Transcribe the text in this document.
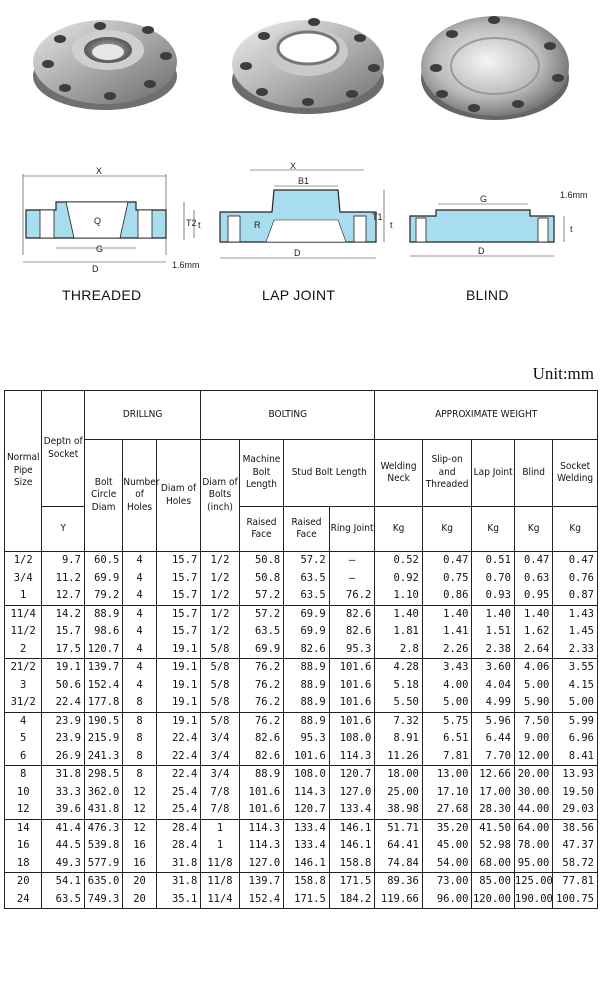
X
Q
G
D
T2 t
1.6mm
X
B1
R
D
T1
t
1.6mm
G
D
t
THREADED	LAP JOINT	BLIND
Unit:mm
Normal Pipe Size	Deptn of Socket	DRILLNG			BOLTING				APPROXIMATE WEIGHT				
		Bolt Circle Diam	Number of Holes	Diam of Holes	Diam of Bolts (inch)	Machine Bolt Length	Stud Bolt Length		Welding Neck	Slip-on and Threaded	Lap Joint	Blind	Socket Welding
	Y					Raised Face	Raised Face	Ring Joint	Kg	Kg	Kg	Kg	Kg
1/2	9.7	60.5	4	15.7	1/2	50.8	57.2	–	0.52	0.47	0.51	0.47	0.47
3/4	11.2	69.9	4	15.7	1/2	50.8	63.5	–	0.92	0.75	0.70	0.63	0.76
1	12.7	79.2	4	15.7	1/2	57.2	63.5	76.2	1.10	0.86	0.93	0.95	0.87
11/4	14.2	88.9	4	15.7	1/2	57.2	69.9	82.6	1.40	1.40	1.40	1.40	1.43
11/2	15.7	98.6	4	15.7	1/2	63.5	69.9	82.6	1.81	1.41	1.51	1.62	1.45
2	17.5	120.7	4	19.1	5/8	69.9	82.6	95.3	2.8	2.26	2.38	2.64	2.33
21/2	19.1	139.7	4	19.1	5/8	76.2	88.9	101.6	4.28	3.43	3.60	4.06	3.55
3	50.6	152.4	4	19.1	5/8	76.2	88.9	101.6	5.18	4.00	4.04	5.00	4.15
31/2	22.4	177.8	8	19.1	5/8	76.2	88.9	101.6	5.50	5.00	4.99	5.90	5.00
4	23.9	190.5	8	19.1	5/8	76.2	88.9	101.6	7.32	5.75	5.96	7.50	5.99
5	23.9	215.9	8	22.4	3/4	82.6	95.3	108.0	8.91	6.51	6.44	9.00	6.96
6	26.9	241.3	8	22.4	3/4	82.6	101.6	114.3	11.26	7.81	7.70	12.00	8.41
8	31.8	298.5	8	22.4	3/4	88.9	108.0	120.7	18.00	13.00	12.66	20.00	13.93
10	33.3	362.0	12	25.4	7/8	101.6	114.3	127.0	25.00	17.10	17.00	30.00	19.50
12	39.6	431.8	12	25.4	7/8	101.6	120.7	133.4	38.98	27.68	28.30	44.00	29.03
14	41.4	476.3	12	28.4	1	114.3	133.4	146.1	51.71	35.20	41.50	64.00	38.56
16	44.5	539.8	16	28.4	1	114.3	133.4	146.1	64.41	45.00	52.98	78.00	47.37
18	49.3	577.9	16	31.8	11/8	127.0	146.1	158.8	74.84	54.00	68.00	95.00	58.72
20	54.1	635.0	20	31.8	11/8	139.7	158.8	171.5	89.36	73.00	85.00	125.00	77.81
24	63.5	749.3	20	35.1	11/4	152.4	171.5	184.2	119.66	96.00	120.00	190.00	100.75
